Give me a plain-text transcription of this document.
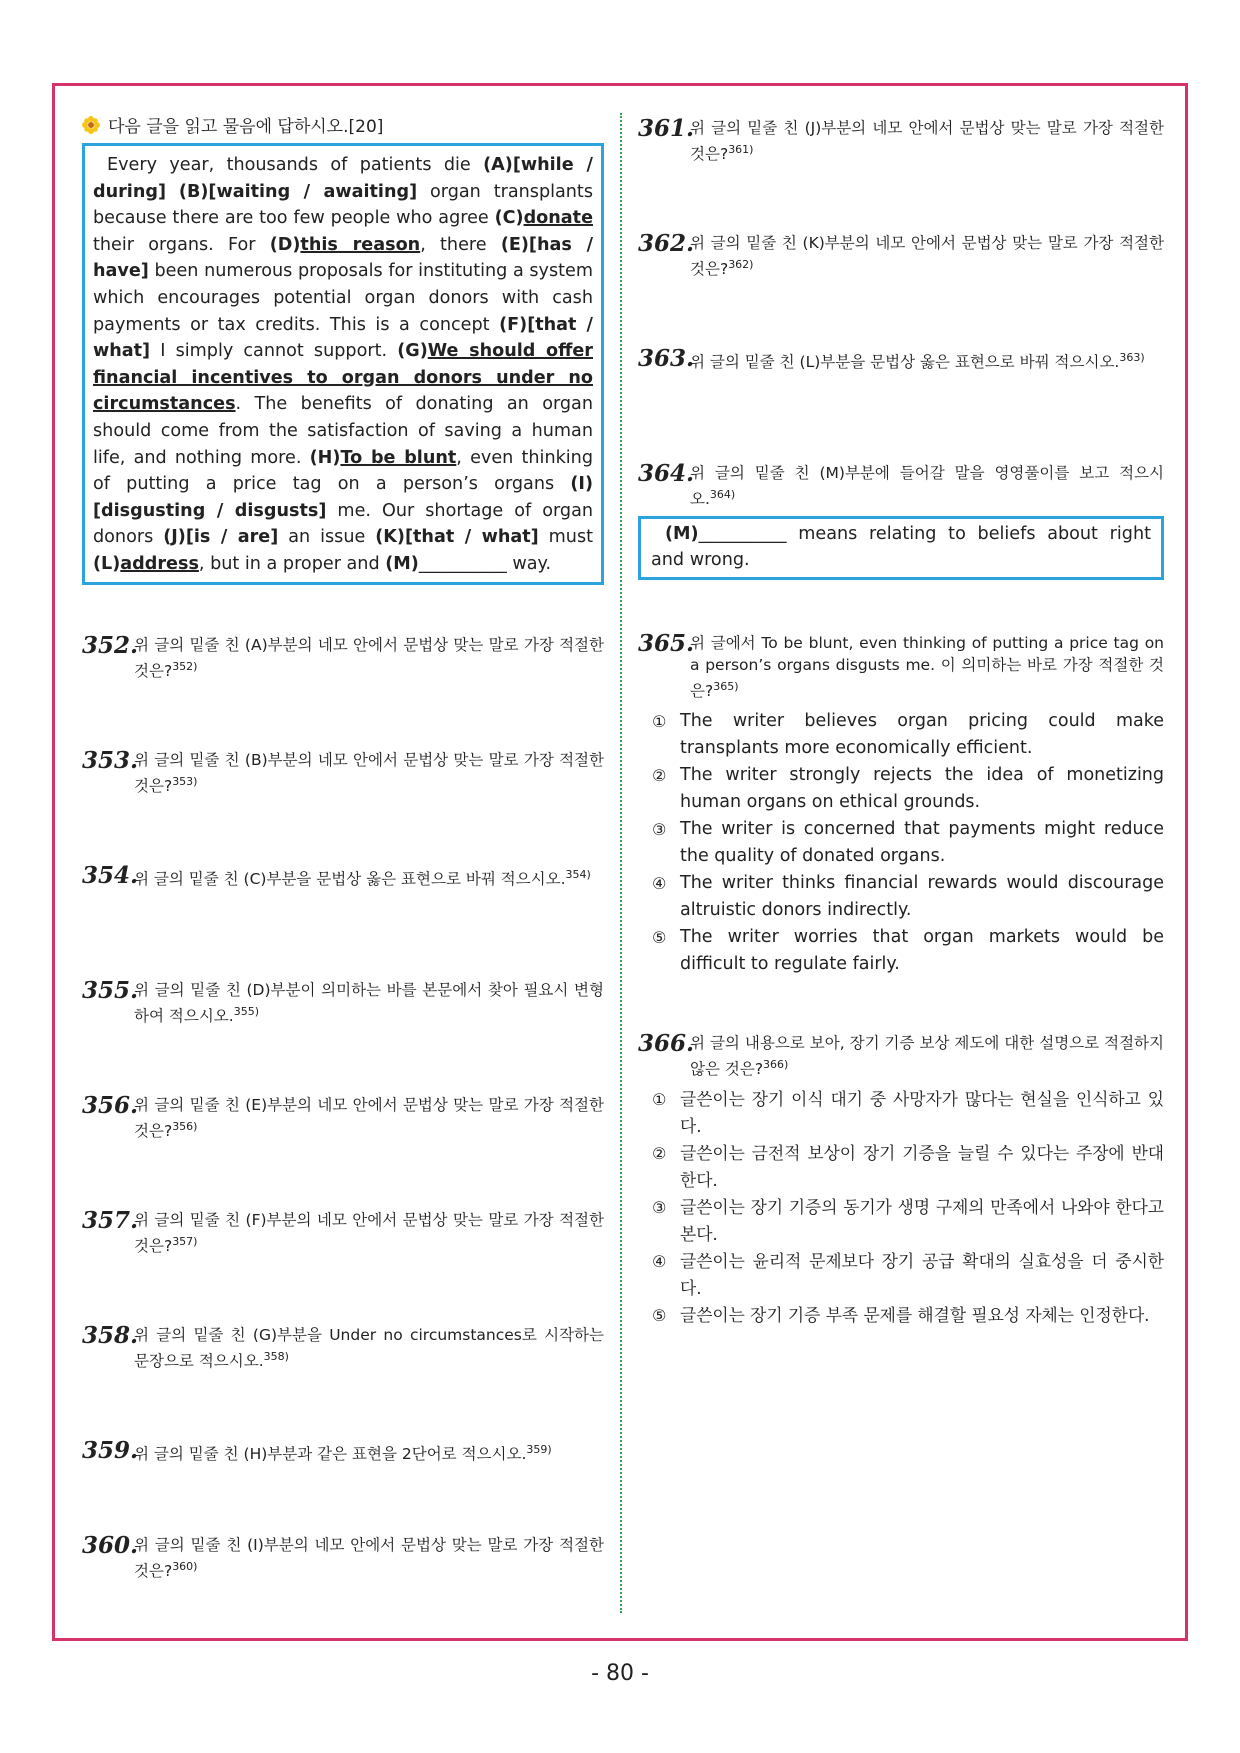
다음 글을 읽고 물음에 답하시오.[20]
Every year, thousands of patients die (A)[while / during] (B)[waiting / awaiting] organ transplants because there are too few people who agree (C)donate their organs. For (D)this reason, there (E)[has / have] been numerous proposals for instituting a system which encourages potential organ donors with cash payments or tax credits. This is a concept (F)[that / what] I simply cannot support. (G)We should offer financial incentives to organ donors under no circumstances. The benefits of donating an organ should come from the satisfaction of saving a human life, and nothing more. (H)To be blunt, even thinking of putting a price tag on a person’s organs (I)[disgusting / disgusts] me. Our shortage of organ donors (J)[is / are] an issue (K)[that / what] must (L)address, but in a proper and (M)__________ way.
352.
위 글의 밑줄 친 (A)부분의 네모 안에서 문법상 맞는 말로 가장 적절한 것은?$^{352)}$
353.
위 글의 밑줄 친 (B)부분의 네모 안에서 문법상 맞는 말로 가장 적절한 것은?$^{353)}$
354.
위 글의 밑줄 친 (C)부분을 문법상 옳은 표현으로 바꿔 적으시오.$^{354)}$
355.
위 글의 밑줄 친 (D)부분이 의미하는 바를 본문에서 찾아 필요시 변형하여 적으시오.$^{355)}$
356.
위 글의 밑줄 친 (E)부분의 네모 안에서 문법상 맞는 말로 가장 적절한 것은?$^{356)}$
357.
위 글의 밑줄 친 (F)부분의 네모 안에서 문법상 맞는 말로 가장 적절한 것은?$^{357)}$
358.
위 글의 밑줄 친 (G)부분을 Under no circumstances로 시작하는 문장으로 적으시오.$^{358)}$
359.
위 글의 밑줄 친 (H)부분과 같은 표현을 2단어로 적으시오.$^{359)}$
360.
위 글의 밑줄 친 (I)부분의 네모 안에서 문법상 맞는 말로 가장 적절한 것은?$^{360)}$
361.
위 글의 밑줄 친 (J)부분의 네모 안에서 문법상 맞는 말로 가장 적절한 것은?$^{361)}$
362.
위 글의 밑줄 친 (K)부분의 네모 안에서 문법상 맞는 말로 가장 적절한 것은?$^{362)}$
363.
위 글의 밑줄 친 (L)부분을 문법상 옳은 표현으로 바꿔 적으시오.$^{363)}$
364.
위 글의 밑줄 친 (M)부분에 들어갈 말을 영영풀이를 보고 적으시오.$^{364)}$
(M)__________ means relating to beliefs about right and wrong.
365.
위 글에서 To be blunt, even thinking of putting a price tag on a person’s organs disgusts me. 이 의미하는 바로 가장 적절한 것은?$^{365)}$
① The writer believes organ pricing could make transplants more economically efficient.
② The writer strongly rejects the idea of monetizing human organs on ethical grounds.
③ The writer is concerned that payments might reduce the quality of donated organs.
④ The writer thinks financial rewards would discourage altruistic donors indirectly.
⑤ The writer worries that organ markets would be difficult to regulate fairly.
366.
위 글의 내용으로 보아, 장기 기증 보상 제도에 대한 설명으로 적절하지 않은 것은?$^{366)}$
① 글쓴이는 장기 이식 대기 중 사망자가 많다는 현실을 인식하고 있다.
② 글쓴이는 금전적 보상이 장기 기증을 늘릴 수 있다는 주장에 반대한다.
③ 글쓴이는 장기 기증의 동기가 생명 구제의 만족에서 나와야 한다고 본다.
④ 글쓴이는 윤리적 문제보다 장기 공급 확대의 실효성을 더 중시한다.
⑤ 글쓴이는 장기 기증 부족 문제를 해결할 필요성 자체는 인정한다.
- 80 -
